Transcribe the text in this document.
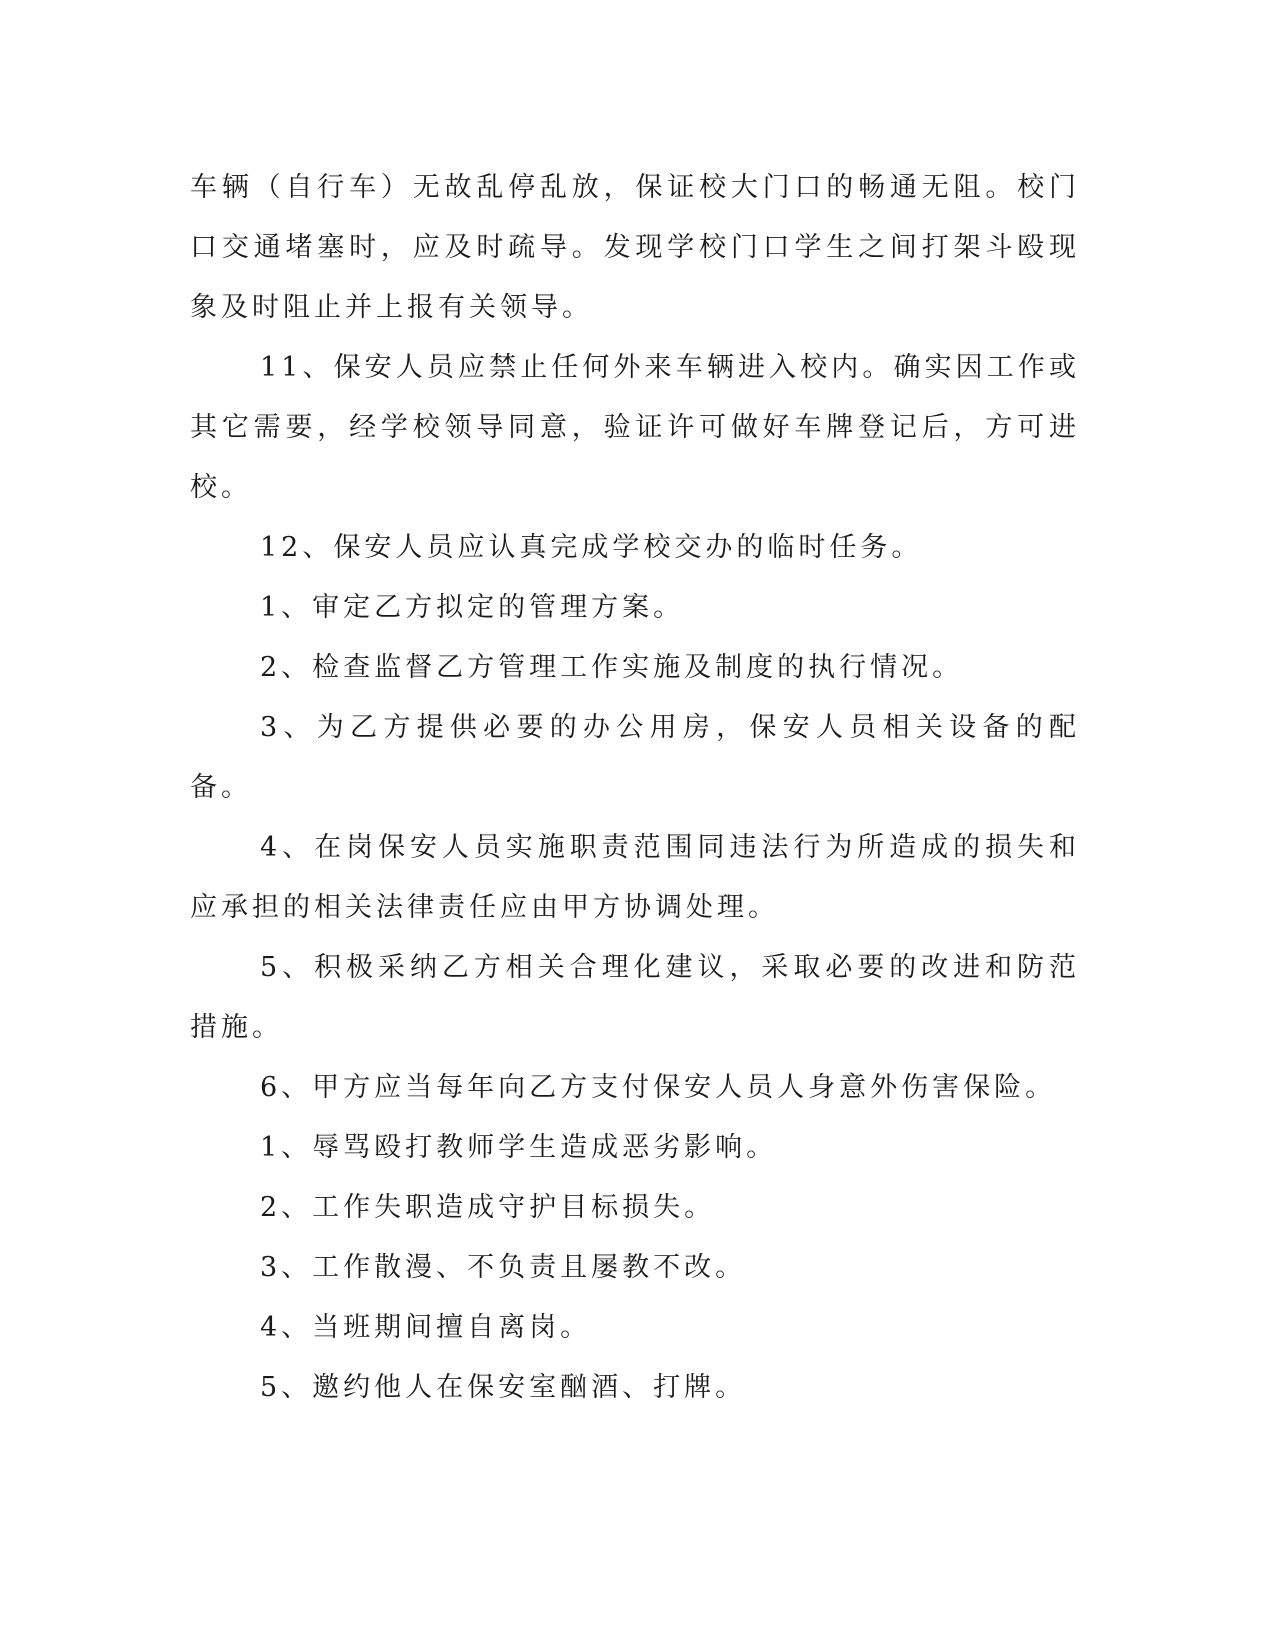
车辆（自行车）无故乱停乱放，保证校大门口的畅通无阻。校门口交通堵塞时，应及时疏导。发现学校门口学生之间打架斗殴现象及时阻止并上报有关领导。

11、保安人员应禁止任何外来车辆进入校内。确实因工作或其它需要，经学校领导同意，验证许可做好车牌登记后，方可进校。

12、保安人员应认真完成学校交办的临时任务。

1、审定乙方拟定的管理方案。

2、检查监督乙方管理工作实施及制度的执行情况。

3、为乙方提供必要的办公用房，保安人员相关设备的配备。

4、在岗保安人员实施职责范围同违法行为所造成的损失和应承担的相关法律责任应由甲方协调处理。

5、积极采纳乙方相关合理化建议，采取必要的改进和防范措施。

6、甲方应当每年向乙方支付保安人员人身意外伤害保险。

1、辱骂殴打教师学生造成恶劣影响。

2、工作失职造成守护目标损失。

3、工作散漫、不负责且屡教不改。

4、当班期间擅自离岗。

5、邀约他人在保安室酗酒、打牌。
